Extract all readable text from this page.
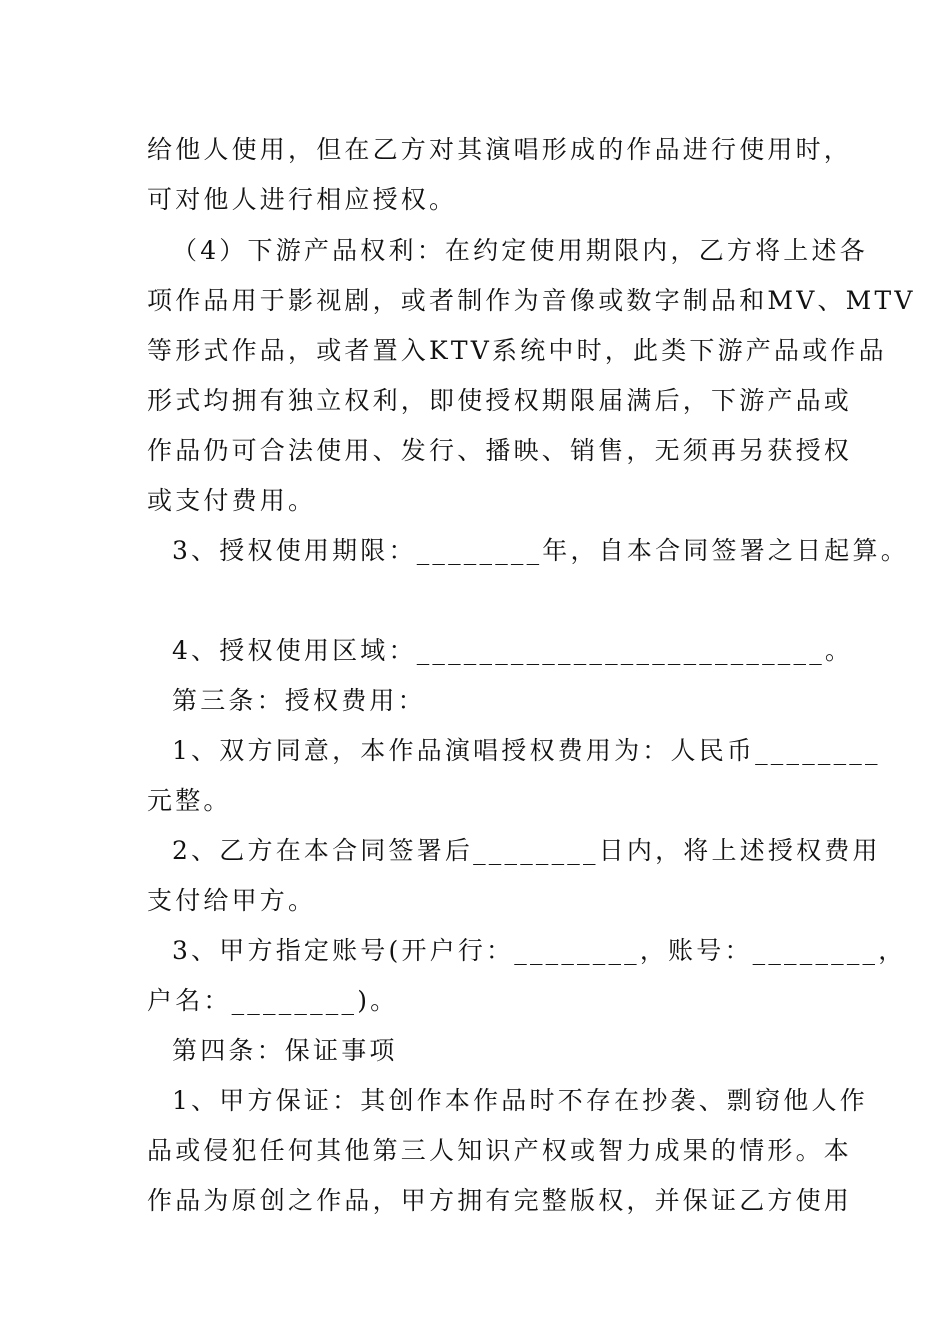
给他人使用，但在乙方对其演唱形成的作品进行使用时，
可对他人进行相应授权。
（4）下游产品权利：在约定使用期限内，乙方将上述各
项作品用于影视剧，或者制作为音像或数字制品和MV、MTV
等形式作品，或者置入KTV系统中时，此类下游产品或作品
形式均拥有独立权利，即使授权期限届满后，下游产品或
作品仍可合法使用、发行、播映、销售，无须再另获授权
或支付费用。
3、授权使用期限：________年，自本合同签署之日起算。
4、授权使用区域：__________________________。
第三条：授权费用：
1、双方同意，本作品演唱授权费用为：人民币________
元整。
2、乙方在本合同签署后________日内，将上述授权费用
支付给甲方。
3、甲方指定账号(开户行：________，账号：________，
户名：________)。
第四条：保证事项
1、甲方保证：其创作本作品时不存在抄袭、剽窃他人作
品或侵犯任何其他第三人知识产权或智力成果的情形。本
作品为原创之作品，甲方拥有完整版权，并保证乙方使用
